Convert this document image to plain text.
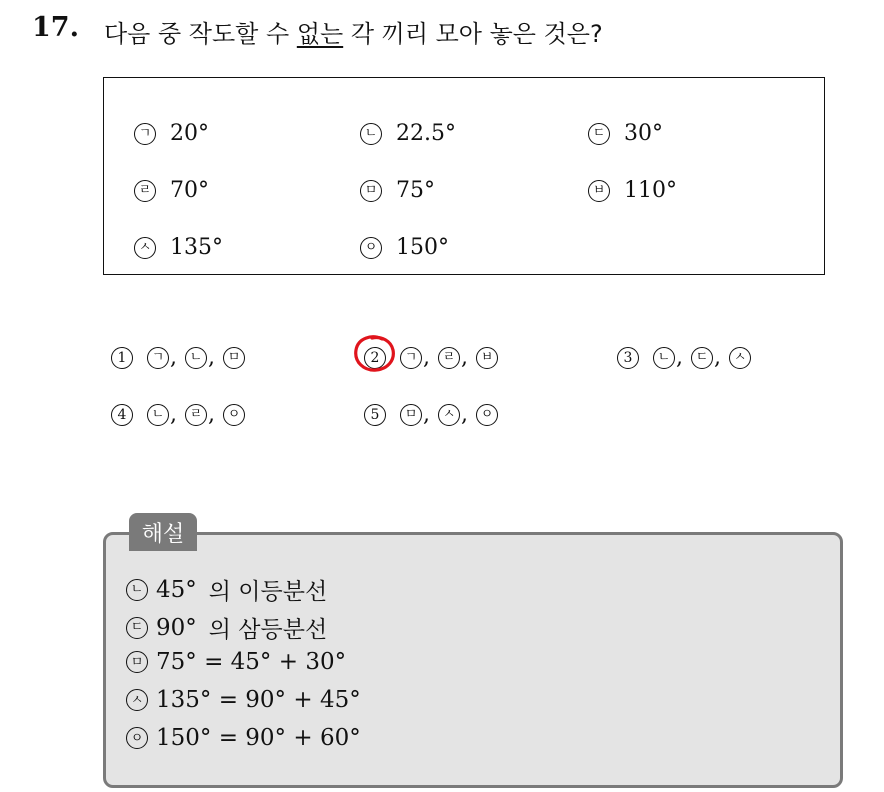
17. 다음 중 작도할 수 없는 각 끼리 모아 놓은 것은?
ㄱ 20°	ㄴ 22.5°	ㄷ 30°
ㄹ 70°	ㅁ 75°	ㅂ 110°
ㅅ 135°	ㅇ 150°
1	ㄱ , ㄴ , ㅁ	2	ㄱ , ㄹ , ㅂ	3	ㄴ , ㄷ , ㅅ
4	ㄴ , ㄹ , ㅇ	5	ㅁ , ㅅ , ㅇ
해설
ㄴ 45° 의 이등분선
ㄷ 90° 의 삼등분선
ㅁ 75° = 45° + 30°
ㅅ 135° = 90° + 45°
ㅇ 150° = 90° + 60°
